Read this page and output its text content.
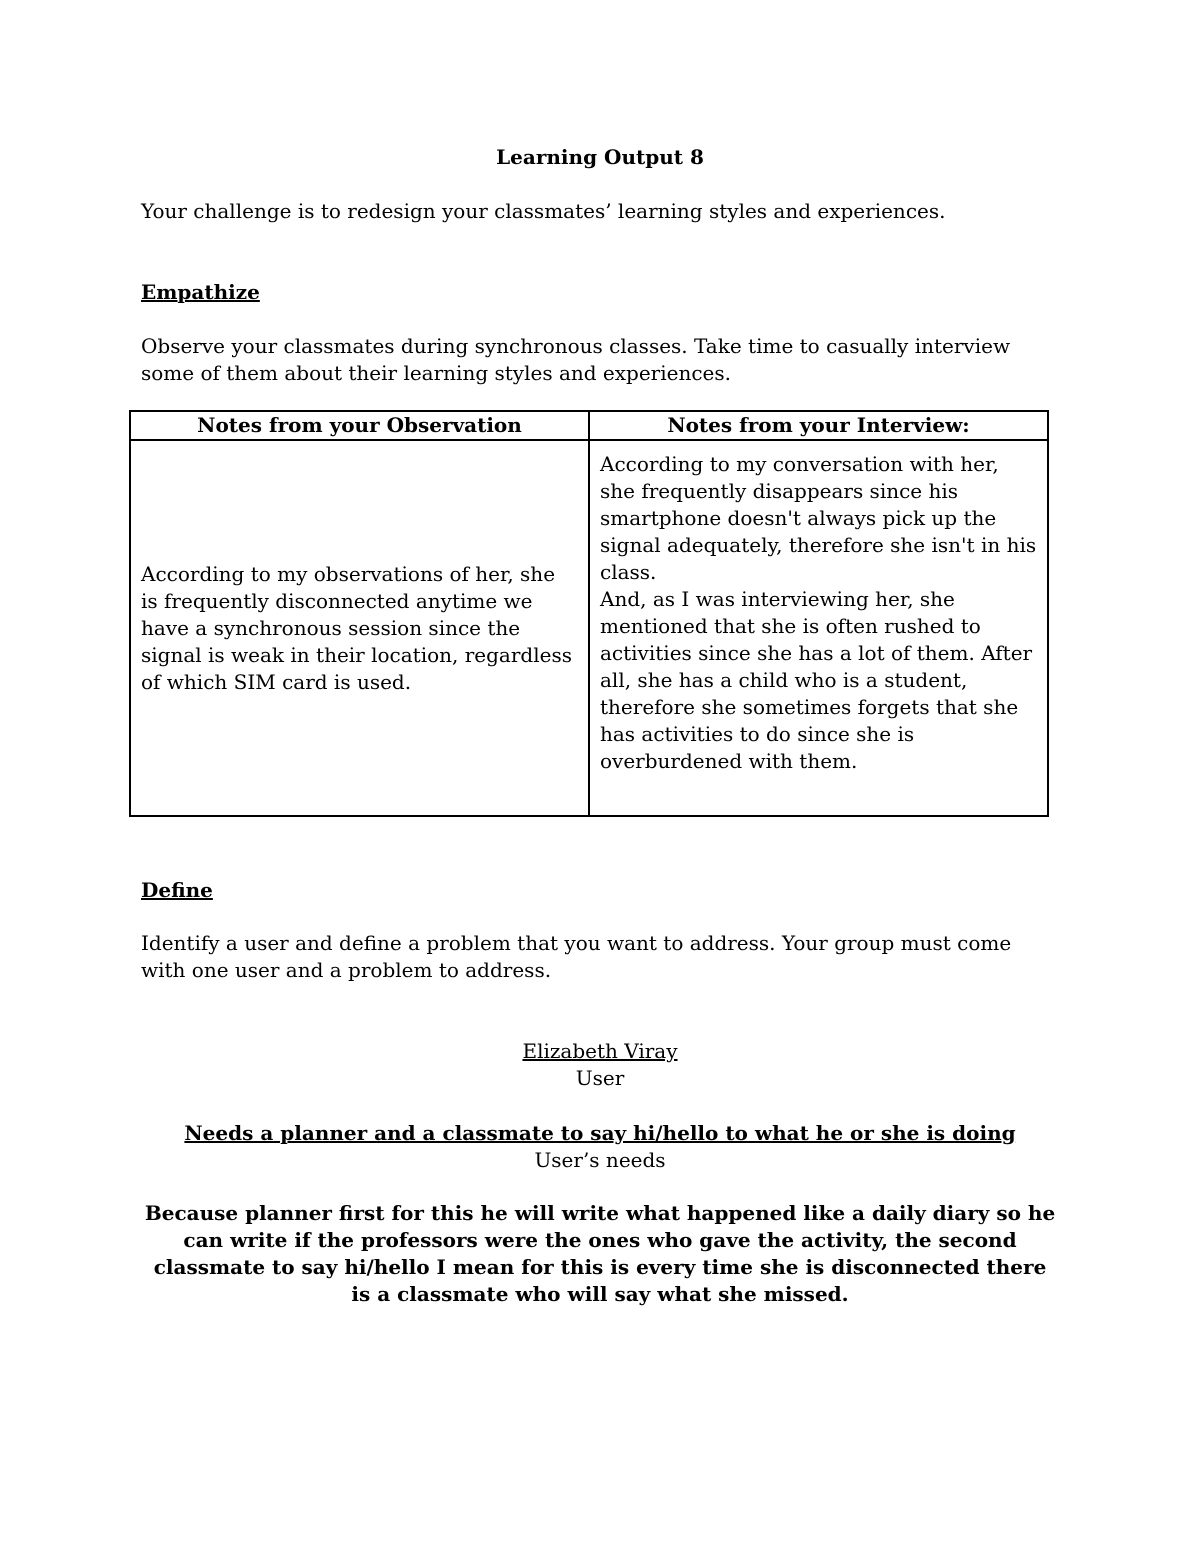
Learning Output 8
Your challenge is to redesign your classmates’ learning styles and experiences.
Empathize
Observe your classmates during synchronous classes. Take time to casually interview some of them about their learning styles and experiences.
Notes from your Observation	Notes from your Interview:

According to my observations of her, she is frequently disconnected anytime we have a synchronous session since the signal is weak in their location, regardless of which SIM card is used.	According to my conversation with her, she frequently disappears since his smartphone doesn't always pick up the signal adequately, therefore she isn't in his class.
And, as I was interviewing her, she mentioned that she is often rushed to activities since she has a lot of them. After all, she has a child who is a student, therefore she sometimes forgets that she has activities to do since she is overburdened with them.
Define
Identify a user and define a problem that you want to address. Your group must come with one user and a problem to address.
Elizabeth Viray
User
Needs a planner and a classmate to say hi/hello to what he or she is doing
User’s needs
Because planner first for this he will write what happened like a daily diary so he can write if the professors were the ones who gave the activity, the second classmate to say hi/hello I mean for this is every time she is disconnected there is a classmate who will say what she missed.
